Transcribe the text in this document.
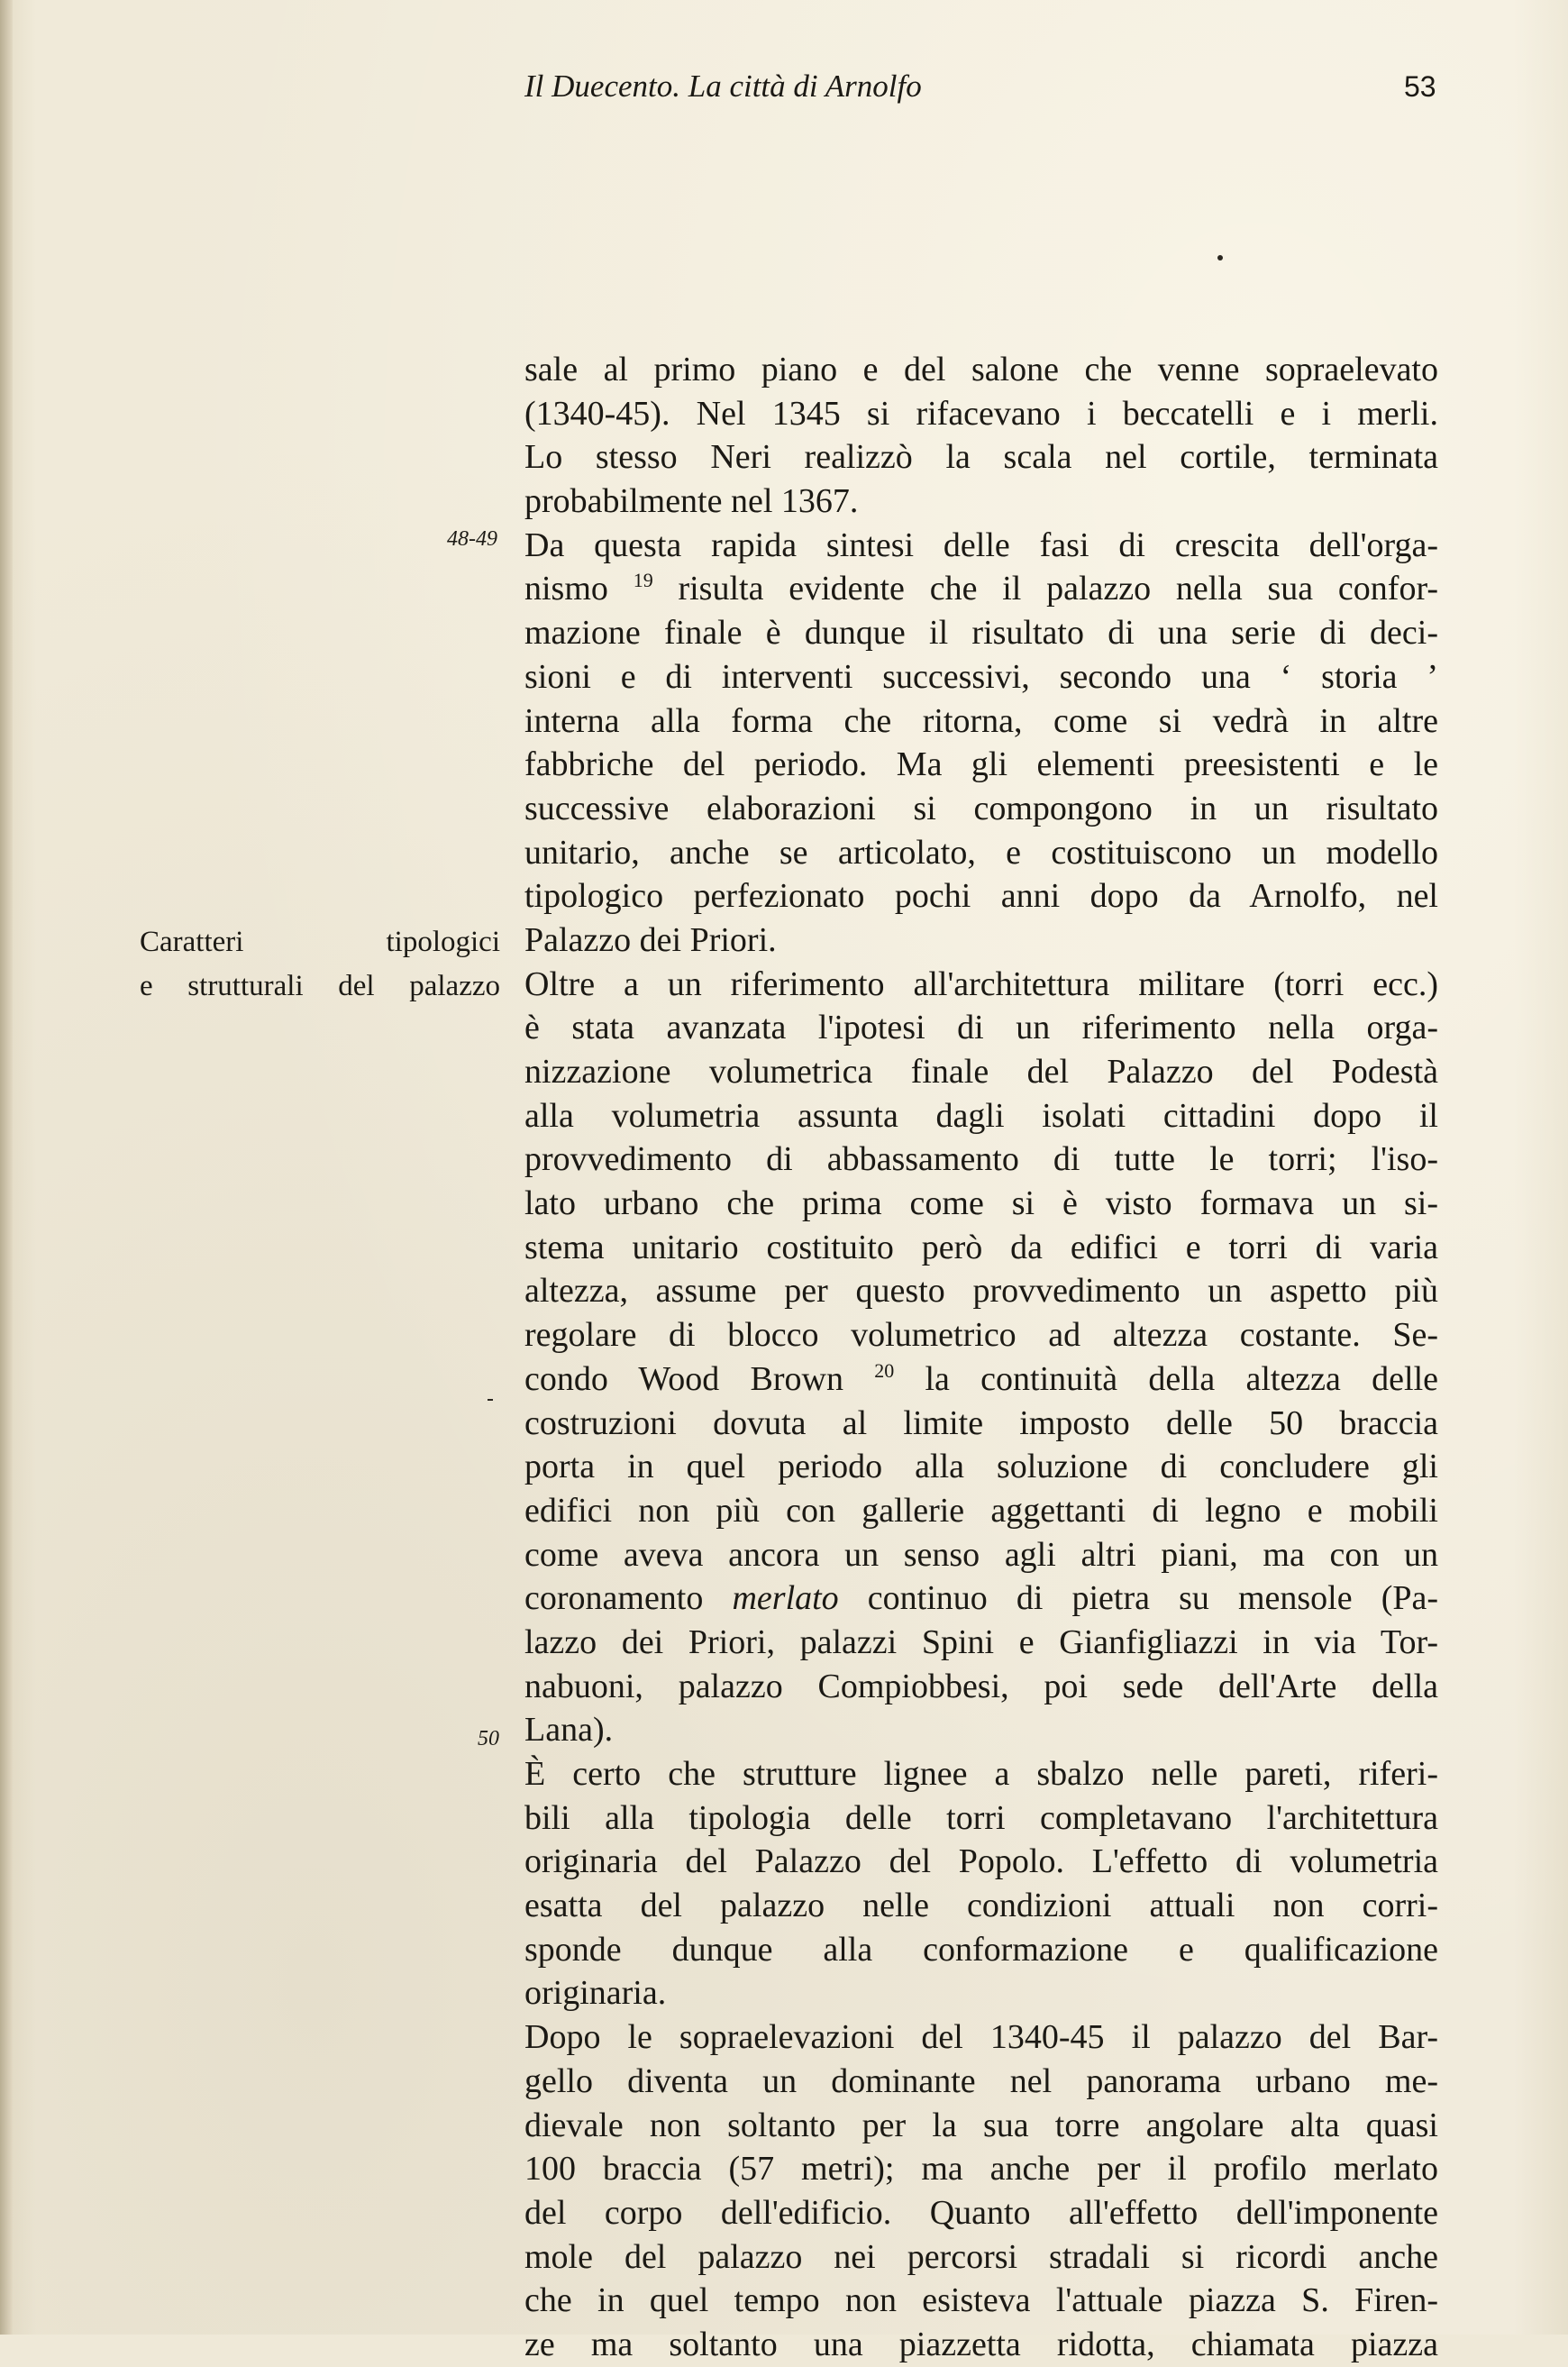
Il Duecento. La città di Arnolfo	53
48-49
50
Caratteri tipologici
e strutturali del palazzo
sale al primo piano e del salone che venne sopraelevato
(1340-45). Nel 1345 si rifacevano i beccatelli e i merli.
Lo stesso Neri realizzò la scala nel cortile, terminata
probabilmente nel 1367.
Da questa rapida sintesi delle fasi di crescita dell'orga-
nismo $^{19}$ risulta evidente che il palazzo nella sua confor-
mazione finale è dunque il risultato di una serie di deci-
sioni e di interventi successivi, secondo una ‘ storia ’
interna alla forma che ritorna, come si vedrà in altre
fabbriche del periodo. Ma gli elementi preesistenti e le
successive elaborazioni si compongono in un risultato
unitario, anche se articolato, e costituiscono un modello
tipologico perfezionato pochi anni dopo da Arnolfo, nel
Palazzo dei Priori.
Oltre a un riferimento all'architettura militare (torri ecc.)
è stata avanzata l'ipotesi di un riferimento nella orga-
nizzazione volumetrica finale del Palazzo del Podestà
alla volumetria assunta dagli isolati cittadini dopo il
provvedimento di abbassamento di tutte le torri; l'iso-
lato urbano che prima come si è visto formava un si-
stema unitario costituito però da edifici e torri di varia
altezza, assume per questo provvedimento un aspetto più
regolare di blocco volumetrico ad altezza costante. Se-
condo Wood Brown $^{20}$ la continuità della altezza delle
costruzioni dovuta al limite imposto delle 50 braccia
porta in quel periodo alla soluzione di concludere gli
edifici non più con gallerie aggettanti di legno e mobili
come aveva ancora un senso agli altri piani, ma con un
coronamento merlato continuo di pietra su mensole (Pa-
lazzo dei Priori, palazzi Spini e Gianfigliazzi in via Tor-
nabuoni, palazzo Compiobbesi, poi sede dell'Arte della
Lana).
È certo che strutture lignee a sbalzo nelle pareti, riferi-
bili alla tipologia delle torri completavano l'architettura
originaria del Palazzo del Popolo. L'effetto di volumetria
esatta del palazzo nelle condizioni attuali non corri-
sponde dunque alla conformazione e qualificazione
originaria.
Dopo le sopraelevazioni del 1340-45 il palazzo del Bar-
gello diventa un dominante nel panorama urbano me-
dievale non soltanto per la sua torre angolare alta quasi
100 braccia (57 metri); ma anche per il profilo merlato
del corpo dell'edificio. Quanto all'effetto dell'imponente
mole del palazzo nei percorsi stradali si ricordi anche
che in quel tempo non esisteva l'attuale piazza S. Firen-
ze ma soltanto una piazzetta ridotta, chiamata piazza
